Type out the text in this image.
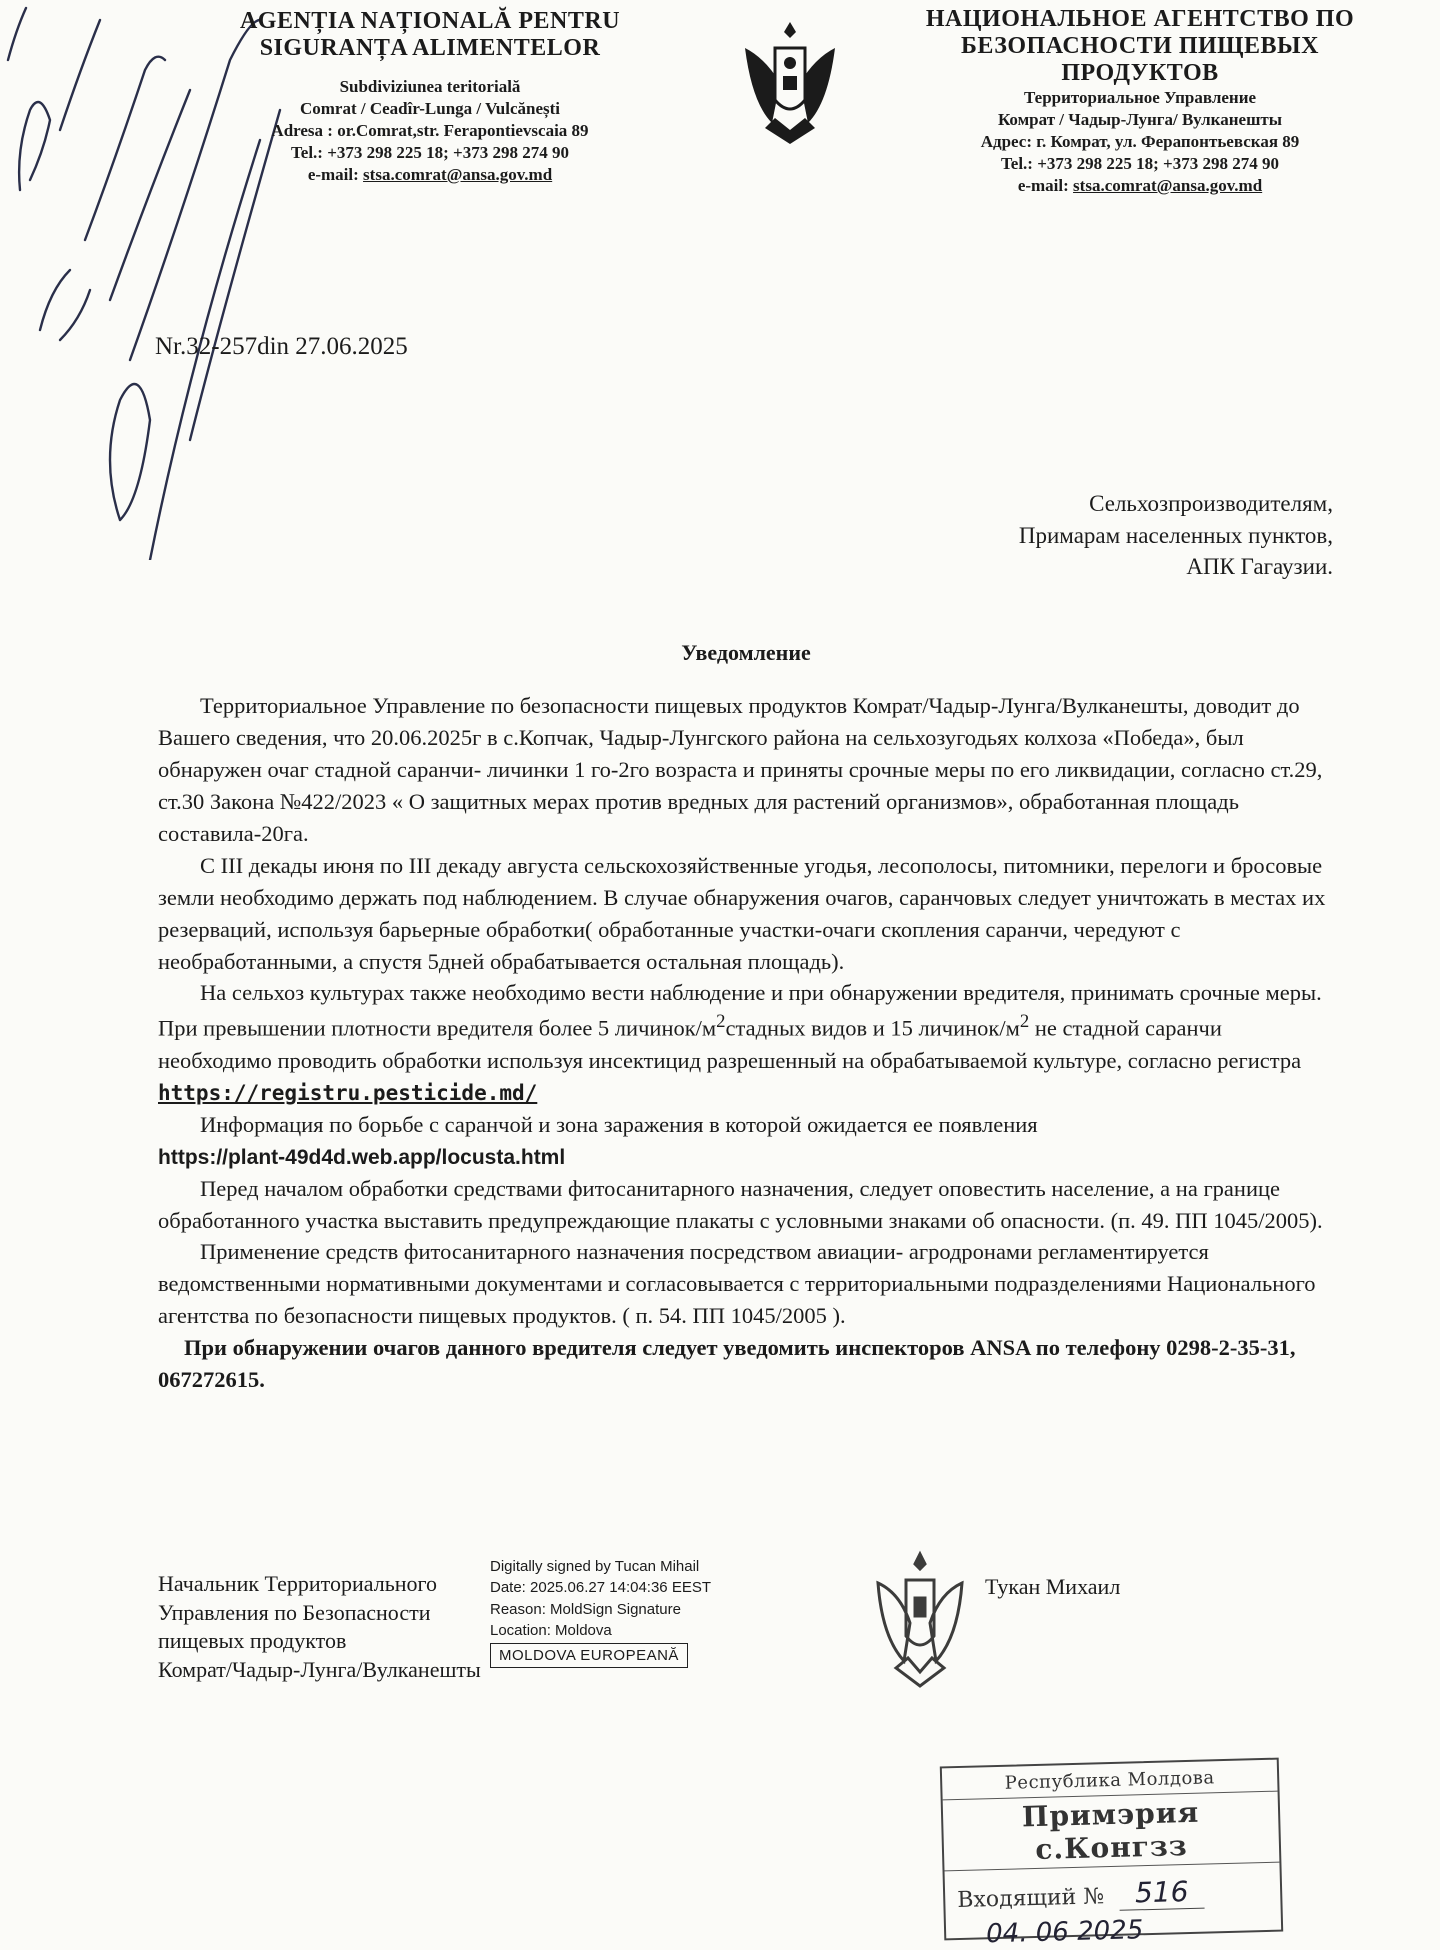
AGENȚIA NAȚIONALĂ PENTRU
SIGURANȚA ALIMENTELOR
Subdiviziunea teritorială
Comrat / Ceadîr-Lunga / Vulcănești
Adresa : or.Comrat,str. Ferapontievscaia 89
Tel.: +373 298 225 18; +373 298 274 90
e-mail: stsa.comrat@ansa.gov.md
НАЦИОНАЛЬНОЕ АГЕНТСТВО ПО
БЕЗОПАСНОСТИ ПИЩЕВЫХ
ПРОДУКТОВ
Территориальное Управление
Комрат / Чадыр-Лунга/ Вулканешты
Адрес: г. Комрат, ул. Ферапонтьевская 89
Tel.: +373 298 225 18; +373 298 274 90
e-mail: stsa.comrat@ansa.gov.md
Nr.32-257din 27.06.2025
Сельхозпроизводителям,
Примарам населенных пунктов,
АПК Гагаузии.
Уведомление

Территориальное Управление по безопасности пищевых продуктов Комрат/Чадыр-Лунга/Вулканешты, доводит до Вашего сведения, что 20.06.2025г в с.Копчак, Чадыр-Лунгского района на сельхозугодьях колхоза «Победа», был обнаружен очаг стадной саранчи- личинки 1 го-2го возраста и приняты срочные меры по его ликвидации, согласно ст.29, ст.30 Закона №422/2023 « О защитных мерах против вредных для растений организмов», обработанная площадь составила-20га.

С III декады июня по III декаду августа сельскохозяйственные угодья, лесополосы, питомники, перелоги и бросовые земли необходимо держать под наблюдением. В случае обнаружения очагов, саранчовых следует уничтожать в местах их резерваций, используя барьерные обработки( обработанные участки-очаги скопления саранчи, чередуют с необработанными, а спустя 5дней обрабатывается остальная площадь).

На сельхоз культурах также необходимо вести наблюдение и при обнаружении вредителя, принимать срочные меры. При превышении плотности вредителя более 5 личинок/$м^2стадных$ видов и 15 личинок/$м^2$ не стадной саранчи необходимо проводить обработки используя инсектицид разрешенный на обрабатываемой культуре, согласно регистра

https://registru.pesticide.md/

Информация по борьбе с саранчой и зона заражения в которой ожидается ее появления

https://plant-49d4d.web.app/locusta.html

Перед началом обработки средствами фитосанитарного назначения, следует оповестить население, а на границе обработанного участка выставить предупреждающие плакаты с условными знаками об опасности. (п. 49. ПП 1045/2005).

Применение средств фитосанитарного назначения посредством авиации- агродронами регламентируется ведомственными нормативными документами и согласовывается с территориальными подразделениями Национального агентства по безопасности пищевых продуктов. ( п. 54. ПП 1045/2005 ).

При обнаружении очагов данного вредителя следует уведомить инспекторов ANSA по телефону 0298-2-35-31, 067272615.

Начальник Территориального
Управления по Безопасности
пищевых продуктов
Комрат/Чадыр-Лунга/Вулканешты
Digitally signed by Tucan Mihail
Date: 2025.06.27 14:04:36 EEST
Reason: MoldSign Signature
Location: Moldova
MOLDOVA EUROPEANĂ
Тукан Михаил
Республика Молдова
Примэрия с.Конгзз
Входящий № 516
04. 06 2025
